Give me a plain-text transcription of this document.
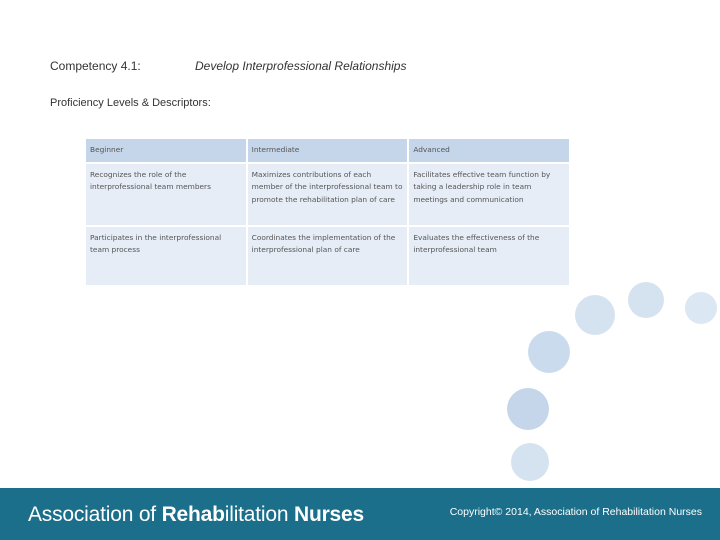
Competency 4.1:	Develop Interprofessional Relationships
Proficiency Levels & Descriptors:
Beginner	Intermediate	Advanced
Recognizes the role of the interprofessional team members	Maximizes contributions of each member of the interprofessional team to promote the rehabilitation plan of care	Facilitates effective team function by taking a leadership role in team meetings and communication
Participates in the interprofessional team process	Coordinates the implementation of the interprofessional plan of care	Evaluates the effectiveness of the interprofessional team
Association of Rehabilitation Nurses	Copyright© 2014, Association of Rehabilitation Nurses
